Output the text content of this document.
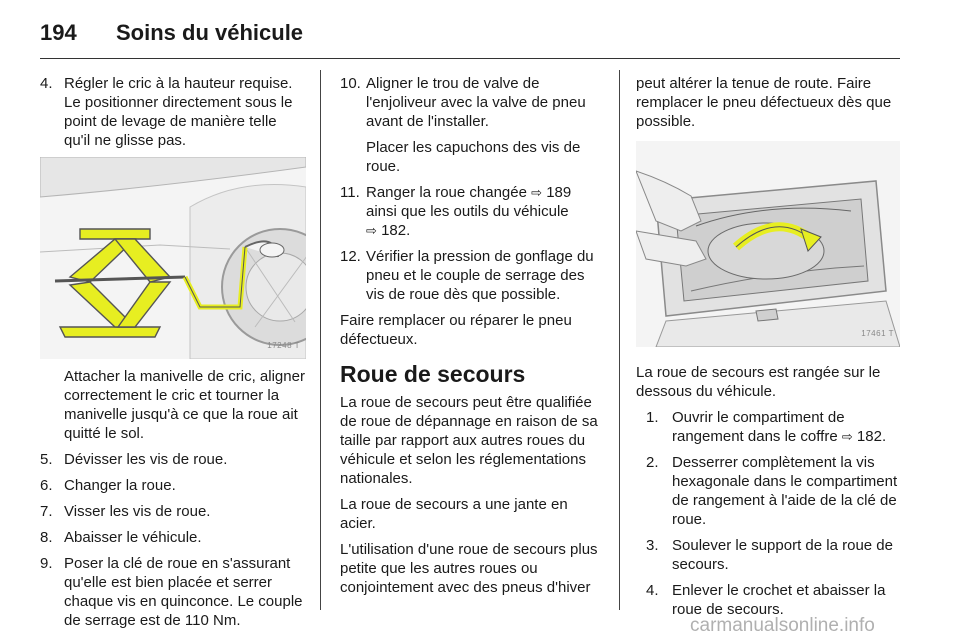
194 Soins du véhicule
4. Régler le cric à la hauteur requise. Le positionner directement sous le point de levage de manière telle qu'il ne glisse pas.
17248 T
Attacher la manivelle de cric, aligner correctement le cric et tourner la manivelle jusqu'à ce que la roue ait quitté le sol.
5. Dévisser les vis de roue.
6. Changer la roue.
7. Visser les vis de roue.
8. Abaisser le véhicule.
9. Poser la clé de roue en s'assurant qu'elle est bien placée et serrer chaque vis en quinconce. Le couple de serrage est de 110 Nm.
10. Aligner le trou de valve de l'enjoliveur avec la valve de pneu avant de l'installer.
Placer les capuchons des vis de roue.
11. Ranger la roue changée ⇨ 189 ainsi que les outils du véhicule
⇨ 182.
12. Vérifier la pression de gonflage du pneu et le couple de serrage des vis de roue dès que possible.

Faire remplacer ou réparer le pneu défectueux.

Roue de secours

La roue de secours peut être qualifiée de roue de dépannage en raison de sa taille par rapport aux autres roues du véhicule et selon les réglementations nationales.

La roue de secours a une jante en acier.

L'utilisation d'une roue de secours plus petite que les autres roues ou conjointement avec des pneus d'hiver

peut altérer la tenue de route. Faire remplacer le pneu défectueux dès que possible.

17461 T

La roue de secours est rangée sur le dessous du véhicule.

1. Ouvrir le compartiment de rangement dans le coffre ⇨ 182.
2. Desserrer complètement la vis hexagonale dans le compartiment de rangement à l'aide de la clé de roue.
3. Soulever le support de la roue de secours.
4. Enlever le crochet et abaisser la roue de secours.
carmanualsonline.info
